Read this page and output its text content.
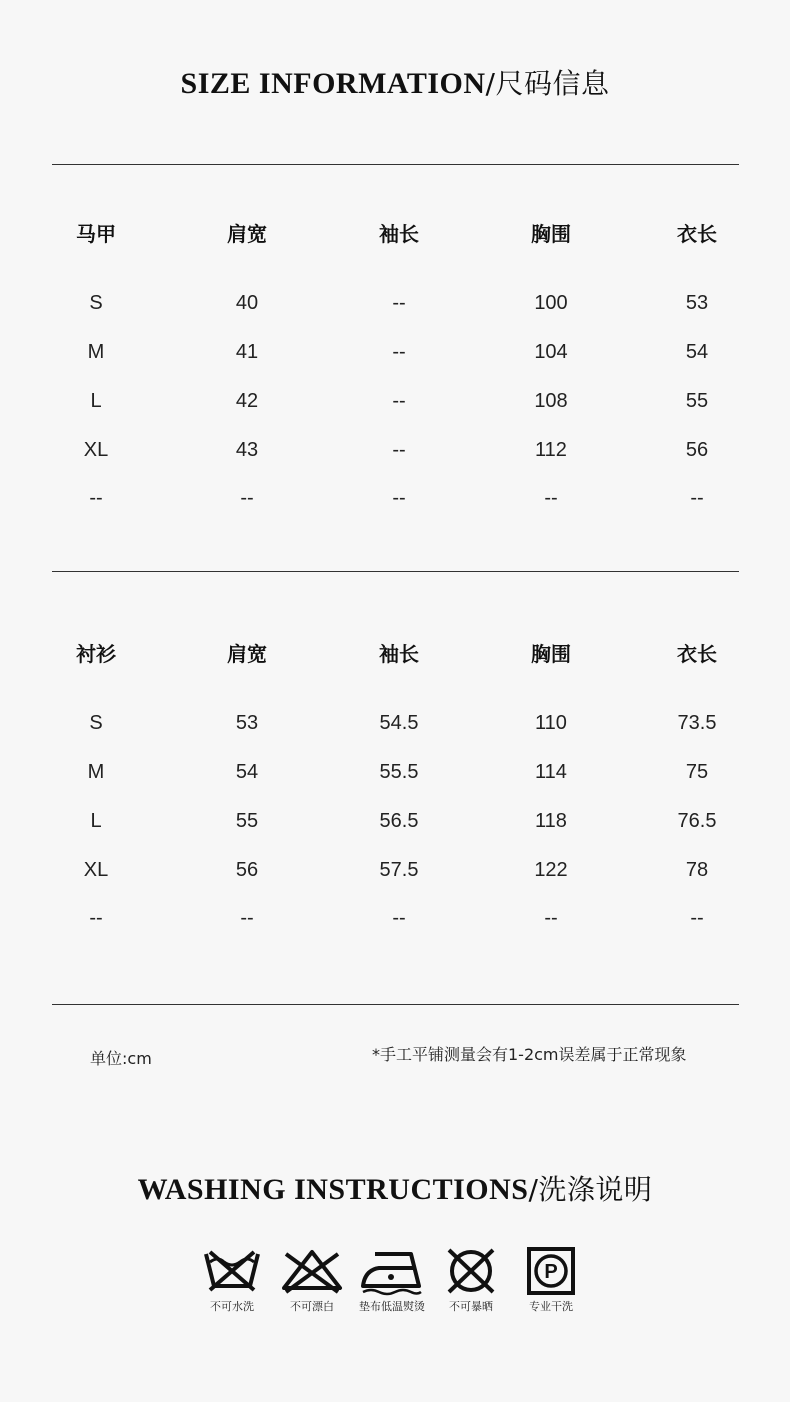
SIZE INFORMATION/尺码信息
马甲	肩宽	袖长	胸围	衣长
S	40	--	100	53
M	41	--	104	54
L	42	--	108	55
XL	43	--	112	56
--	--	--	--	--
衬衫	肩宽	袖长	胸围	衣长
S	53	54.5	110	73.5
M	54	55.5	114	75
L	55	56.5	118	76.5
XL	56	57.5	122	78
--	--	--	--	--
单位:cm	*手工平铺测量会有1-2cm误差属于正常现象
WASHING INSTRUCTIONS/洗涤说明
不可水洗	不可漂白	垫布低温熨烫	不可暴晒
P
专业干洗
